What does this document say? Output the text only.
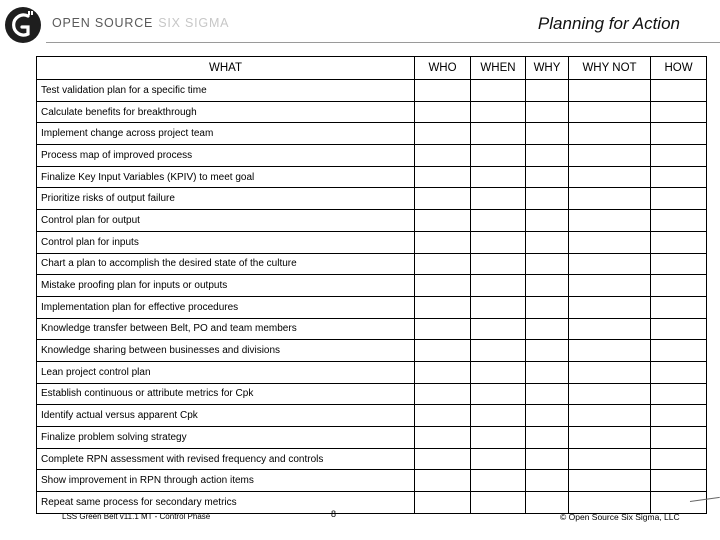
OPEN SOURCE SIX SIGMA	Planning for Action
WHAT	WHO	WHEN	WHY	WHY NOT	HOW
Test validation plan for a specific time					
Calculate benefits for breakthrough					
Implement change across project team					
Process map of improved process					
Finalize Key Input Variables (KPIV) to meet goal					
Prioritize risks of output failure					
Control plan for output					
Control plan for inputs					
Chart a plan to accomplish the desired state of the culture					
Mistake proofing plan for inputs or outputs					
Implementation plan for effective procedures					
Knowledge transfer between Belt, PO and team members					
Knowledge sharing between businesses and divisions					
Lean project control plan					
Establish continuous or attribute metrics for Cpk					
Identify actual versus apparent Cpk					
Finalize problem solving strategy					
Complete RPN assessment with revised frequency and controls					
Show improvement in RPN through action items					
Repeat same process for secondary metrics					
LSS Green Belt v11.1 MT - Control Phase	8	© Open Source Six Sigma, LLC
